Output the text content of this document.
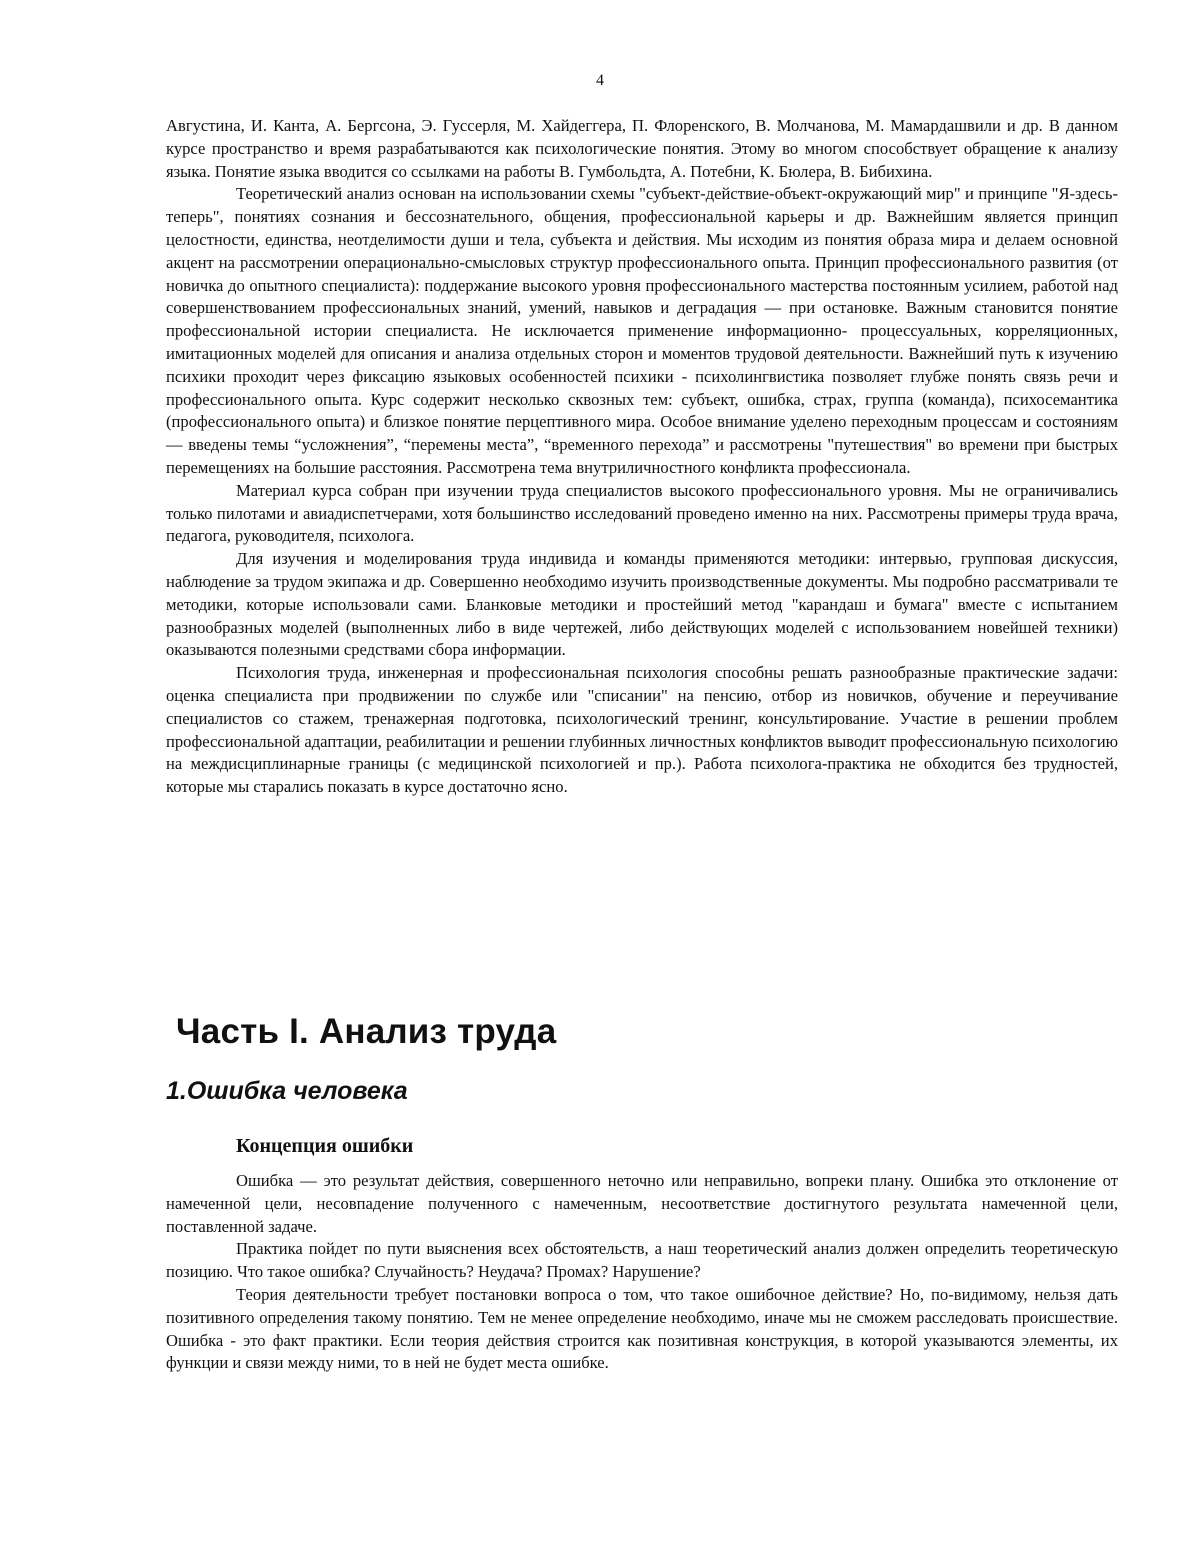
4

Августина, И. Канта, А. Бергсона, Э. Гуссерля, М. Хайдеггера, П. Флоренского, В. Молчанова, М. Мамардашвили и др. В данном курсе пространство и время разрабатываются как психологические понятия. Этому во многом способствует обращение к анализу языка. Понятие языка вводится со ссылками на работы В. Гумбольдта, А. Потебни, К. Бюлера, В. Бибихина.

Теоретический анализ основан на использовании схемы "субъект-действие-объект-окружающий мир" и принципе "Я-здесь-теперь", понятиях сознания и бессознательного, общения, профессиональной карьеры и др. Важнейшим является принцип целостности, единства, неотделимости души и тела, субъекта и действия. Мы исходим из понятия образа мира и делаем основной акцент на рассмотрении операционально-смысловых структур профессионального опыта. Принцип профессионального развития (от новичка до опытного специалиста): поддержание высокого уровня профессионального мастерства постоянным усилием, работой над совершенствованием профессиональных знаний, умений, навыков и деградация — при остановке. Важным становится понятие профессиональной истории специалиста. Не исключается применение информационно- процессуальных, корреляционных, имитационных моделей для описания и анализа отдельных сторон и моментов трудовой деятельности. Важнейший путь к изучению психики проходит через фиксацию языковых особенностей психики - психолингвистика позволяет глубже понять связь речи и профессионального опыта. Курс содержит несколько сквозных тем: субъект, ошибка, страх, группа (команда), психосемантика (профессионального опыта) и близкое понятие перцептивного мира. Особое внимание уделено переходным процессам и состояниям — введены темы “усложнения”, “перемены места”, “временного перехода” и рассмотрены "путешествия" во времени при быстрых перемещениях на большие расстояния. Рассмотрена тема внутриличностного конфликта профессионала.

Материал курса собран при изучении труда специалистов высокого профессионального уровня. Мы не ограничивались только пилотами и авиадиспетчерами, хотя большинство исследований проведено именно на них. Рассмотрены примеры труда врача, педагога, руководителя, психолога.

Для изучения и моделирования труда индивида и команды применяются методики: интервью, групповая дискуссия, наблюдение за трудом экипажа и др. Совершенно необходимо изучить производственные документы. Мы подробно рассматривали те методики, которые использовали сами. Бланковые методики и простейший метод "карандаш и бумага" вместе с испытанием разнообразных моделей (выполненных либо в виде чертежей, либо действующих моделей с использованием новейшей техники) оказываются полезными средствами сбора информации.

Психология труда, инженерная и профессиональная психология способны решать разнообразные практические задачи: оценка специалиста при продвижении по службе или "списании" на пенсию, отбор из новичков, обучение и переучивание специалистов со стажем, тренажерная подготовка, психологический тренинг, консультирование. Участие в решении проблем профессиональной адаптации, реабилитации и решении глубинных личностных конфликтов выводит профессиональную психологию на междисциплинарные границы (с медицинской психологией и пр.). Работа психолога-практика не обходится без трудностей, которые мы старались показать в курсе достаточно ясно.

Часть I. Анализ труда
1.Ошибка человека
Концепция ошибки

Ошибка — это результат действия, совершенного неточно или неправильно, вопреки плану. Ошибка это отклонение от намеченной цели, несовпадение полученного с намеченным, несоответствие достигнутого результата намеченной цели, поставленной задаче.

Практика пойдет по пути выяснения всех обстоятельств, а наш теоретический анализ должен определить теоретическую позицию. Что такое ошибка? Случайность? Неудача? Промах? Нарушение?

Теория деятельности требует постановки вопроса о том, что такое ошибочное действие? Но, по-видимому, нельзя дать позитивного определения такому понятию. Тем не менее определение необходимо, иначе мы не сможем расследовать происшествие. Ошибка - это факт практики. Если теория действия строится как позитивная конструкция, в которой указываются элементы, их функции и связи между ними, то в ней не будет места ошибке.
